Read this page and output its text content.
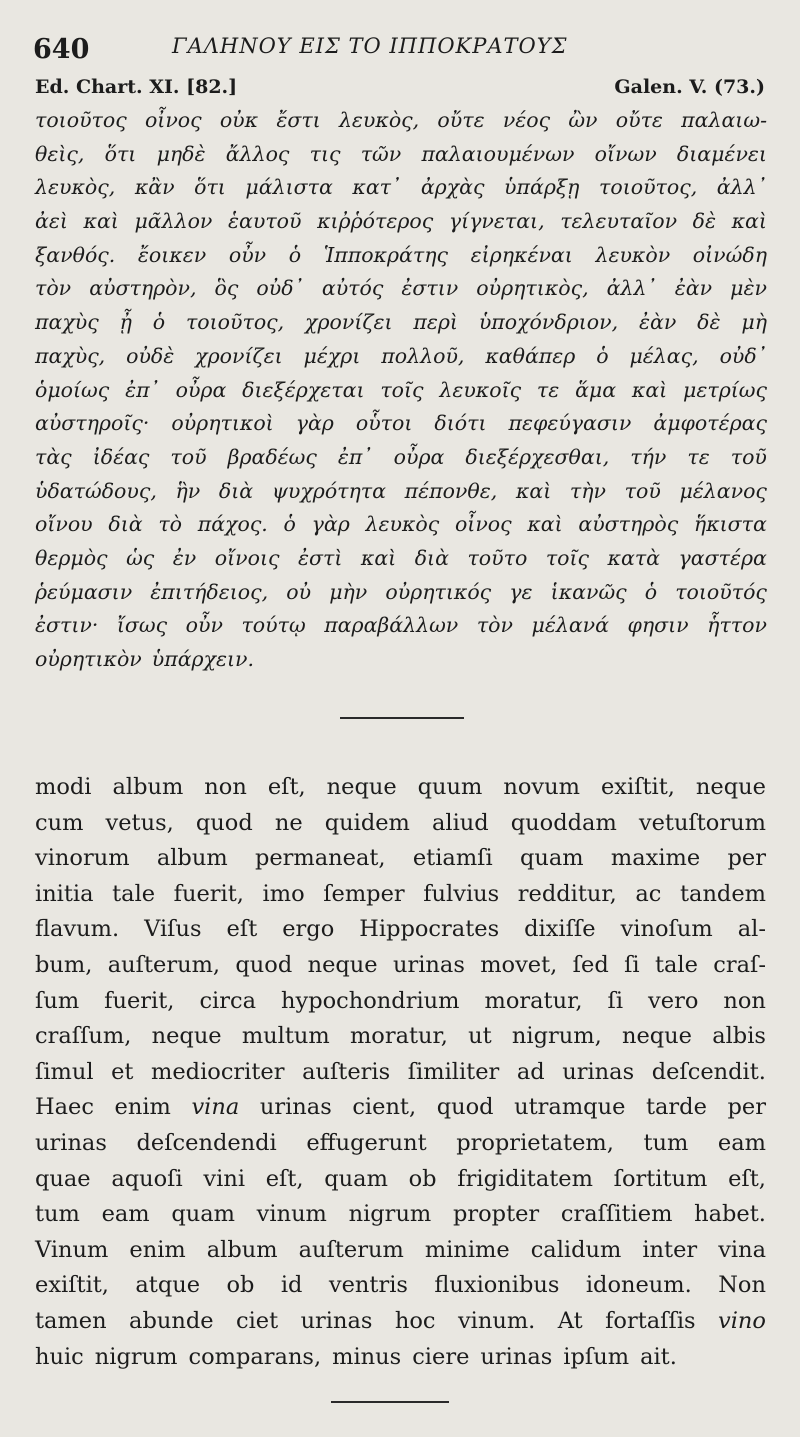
640	ΓΑΛΗΝΟΥ ΕΙΣ ΤΟ ΙΠΠΟΚΡΑΤΟΥΣ
Ed. Chart. XI. [82.]	Galen. V. (73.)
τοιοῦτος οἶνος οὐκ ἔστι λευκὸς, οὔτε νέος ὢν οὔτε παλαιω-
θεὶς, ὅτι μηδὲ ἄλλος τις τῶν παλαιουμένων οἴνων διαμένει
λευκὸς, κἂν ὅτι μάλιστα κατ᾽ ἀρχὰς ὑπάρξῃ τοιοῦτος, ἀλλ᾽
ἀεὶ καὶ μᾶλλον ἑαυτοῦ κιῤῥότερος γίγνεται, τελευταῖον δὲ καὶ
ξανθός. ἔοικεν οὖν ὁ Ἱπποκράτης εἰρηκέναι λευκὸν οἰνώδη
τὸν αὐστηρὸν, ὃς οὐδ᾽ αὐτός ἐστιν οὐρητικὸς, ἀλλ᾽ ἐὰν μὲν
παχὺς ᾖ ὁ τοιοῦτος, χρονίζει περὶ ὑποχόνδριον, ἐὰν δὲ μὴ
παχὺς, οὐδὲ χρονίζει μέχρι πολλοῦ, καθάπερ ὁ μέλας, οὐδ᾽
ὁμοίως ἐπ᾽ οὖρα διεξέρχεται τοῖς λευκοῖς τε ἅμα καὶ μετρίως
αὐστηροῖς· οὐρητικοὶ γὰρ οὗτοι διότι πεφεύγασιν ἀμφοτέρας
τὰς ἰδέας τοῦ βραδέως ἐπ᾽ οὖρα διεξέρχεσθαι, τήν τε τοῦ
ὑδατώδους, ἣν διὰ ψυχρότητα πέπονθε, καὶ τὴν τοῦ μέλανος
οἴνου διὰ τὸ πάχος. ὁ γὰρ λευκὸς οἶνος καὶ αὐστηρὸς ἥκιστα
θερμὸς ὡς ἐν οἴνοις ἐστὶ καὶ διὰ τοῦτο τοῖς κατὰ γαστέρα
ῥεύμασιν ἐπιτήδειος, οὐ μὴν οὐρητικός γε ἱκανῶς ὁ τοιοῦτός
ἐστιν· ἴσως οὖν τούτῳ παραβάλλων τὸν μέλανά φησιν ἧττον
οὐρητικὸν ὑπάρχειν.
modi album non eſt, neque quum novum exiſtit, neque
cum vetus, quod ne quidem aliud quoddam vetuſtorum
vinorum album permaneat, etiamſi quam maxime per
initia tale fuerit, imo ſemper fulvius redditur, ac tandem
flavum. Viſus eſt ergo Hippocrates dixiſſe vinoſum al-
bum, auſterum, quod neque urinas movet, ſed ſi tale craſ-
ſum fuerit, circa hypochondrium moratur, ſi vero non
craſſum, neque multum moratur, ut nigrum, neque albis
ſimul et mediocriter auſteris ſimiliter ad urinas deſcendit.
Haec enim vina urinas cient, quod utramque tarde per
urinas deſcendendi effugerunt proprietatem, tum eam
quae aquoſi vini eſt, quam ob frigiditatem ſortitum eſt,
tum eam quam vinum nigrum propter craſſitiem habet.
Vinum enim album auſterum minime calidum inter vina
exiſtit, atque ob id ventris fluxionibus idoneum. Non
tamen abunde ciet urinas hoc vinum. At fortaſſis vino
huic nigrum comparans, minus ciere urinas ipſum ait.
